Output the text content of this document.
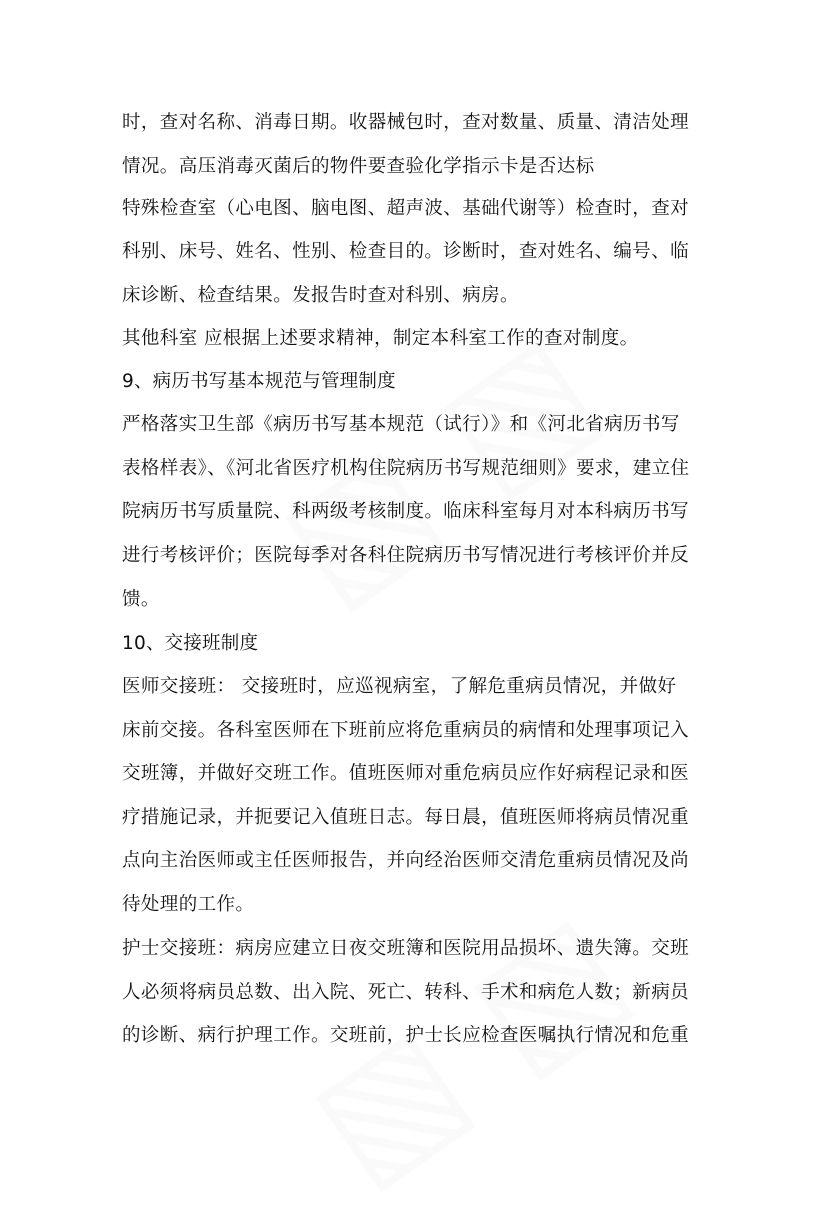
时，查对名称、消毒日期。收器械包时，查对数量、质量、清洁处理
情况。高压消毒灭菌后的物件要查验化学指示卡是否达标
特殊检查室（心电图、脑电图、超声波、基础代谢等）检查时，查对
科别、床号、姓名、性别、检查目的。诊断时，查对姓名、编号、临
床诊断、检查结果。发报告时查对科别、病房。
其他科室 应根据上述要求精神，制定本科室工作的查对制度。
9、病历书写基本规范与管理制度
严格落实卫生部《病历书写基本规范（试行）》和《河北省病历书写
表格样表》、《河北省医疗机构住院病历书写规范细则》要求，建立住
院病历书写质量院、科两级考核制度。临床科室每月对本科病历书写
进行考核评价；医院每季对各科住院病历书写情况进行考核评价并反
馈。
10、交接班制度
医师交接班： 交接班时，应巡视病室，了解危重病员情况，并做好
床前交接。各科室医师在下班前应将危重病员的病情和处理事项记入
交班簿，并做好交班工作。值班医师对重危病员应作好病程记录和医
疗措施记录，并扼要记入值班日志。每日晨，值班医师将病员情况重
点向主治医师或主任医师报告，并向经治医师交清危重病员情况及尚
待处理的工作。
护士交接班：病房应建立日夜交班簿和医院用品损坏、遗失簿。交班
人必须将病员总数、出入院、死亡、转科、手术和病危人数；新病员
的诊断、病行护理工作。交班前，护士长应检查医嘱执行情况和危重
